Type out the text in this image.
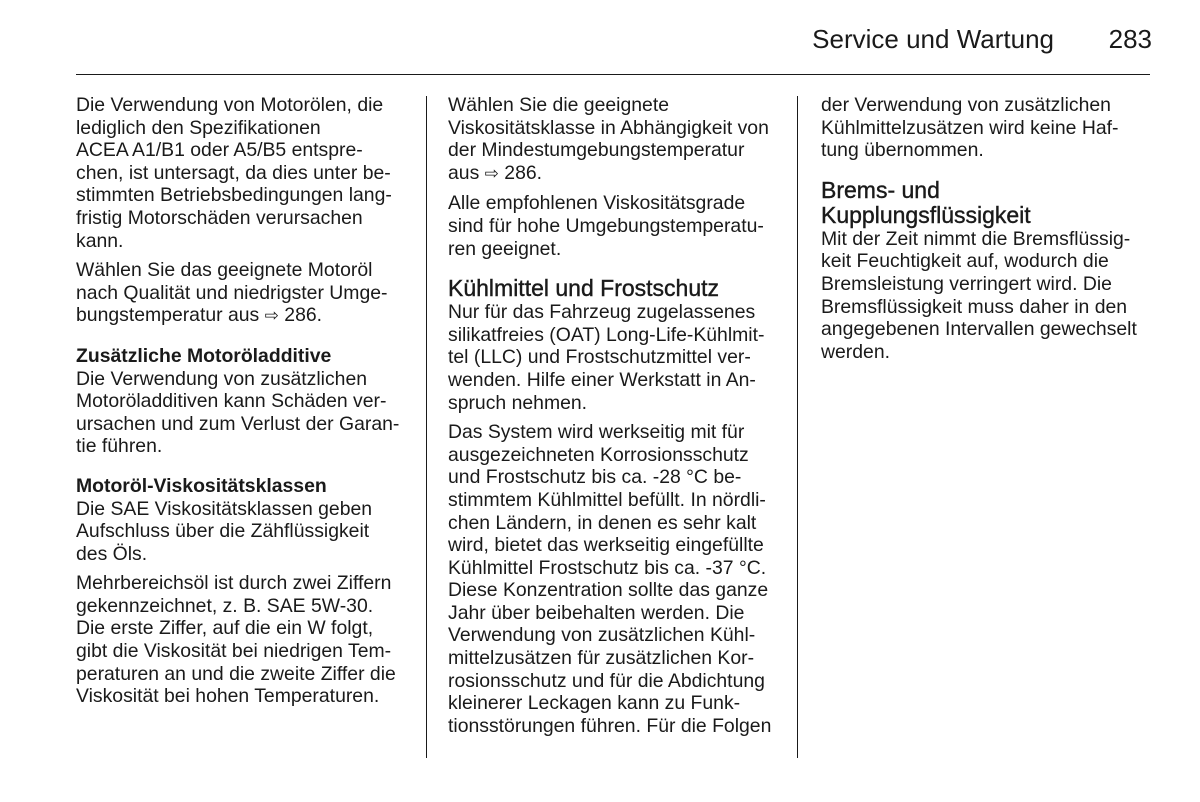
Service und Wartung	283

Die Verwendung von Motorölen, die
lediglich den Spezifikationen
ACEA A1/B1 oder A5/B5 entspre-
chen, ist untersagt, da dies unter be-
stimmten Betriebsbedingungen lang-
fristig Motorschäden verursachen
kann.

Wählen Sie das geeignete Motoröl
nach Qualität und niedrigster Umge-
bungstemperatur aus ⇨ 286.

Zusätzliche Motoröladditive

Die Verwendung von zusätzlichen
Motoröladditiven kann Schäden ver-
ursachen und zum Verlust der Garan-
tie führen.

Motoröl-Viskositätsklassen

Die SAE Viskositätsklassen geben
Aufschluss über die Zähflüssigkeit
des Öls.

Mehrbereichsöl ist durch zwei Ziffern
gekennzeichnet, z. B. SAE 5W-30.
Die erste Ziffer, auf die ein W folgt,
gibt die Viskosität bei niedrigen Tem-
peraturen an und die zweite Ziffer die
Viskosität bei hohen Temperaturen.

Wählen Sie die geeignete
Viskositätsklasse in Abhängigkeit von
der Mindestumgebungstemperatur
aus ⇨ 286.

Alle empfohlenen Viskositätsgrade
sind für hohe Umgebungstemperatu-
ren geeignet.

Kühlmittel und Frostschutz

Nur für das Fahrzeug zugelassenes
silikatfreies (OAT) Long-Life-Kühlmit-
tel (LLC) und Frostschutzmittel ver-
wenden. Hilfe einer Werkstatt in An-
spruch nehmen.

Das System wird werkseitig mit für
ausgezeichneten Korrosionsschutz
und Frostschutz bis ca. -28 °C be-
stimmtem Kühlmittel befüllt. In nördli-
chen Ländern, in denen es sehr kalt
wird, bietet das werkseitig eingefüllte
Kühlmittel Frostschutz bis ca. -37 °C.
Diese Konzentration sollte das ganze
Jahr über beibehalten werden. Die
Verwendung von zusätzlichen Kühl-
mittelzusätzen für zusätzlichen Kor-
rosionsschutz und für die Abdichtung
kleinerer Leckagen kann zu Funk-
tionsstörungen führen. Für die Folgen

der Verwendung von zusätzlichen
Kühlmittelzusätzen wird keine Haf-
tung übernommen.

Brems- und
Kupplungsflüssigkeit

Mit der Zeit nimmt die Bremsflüssig-
keit Feuchtigkeit auf, wodurch die
Bremsleistung verringert wird. Die
Bremsflüssigkeit muss daher in den
angegebenen Intervallen gewechselt
werden.
